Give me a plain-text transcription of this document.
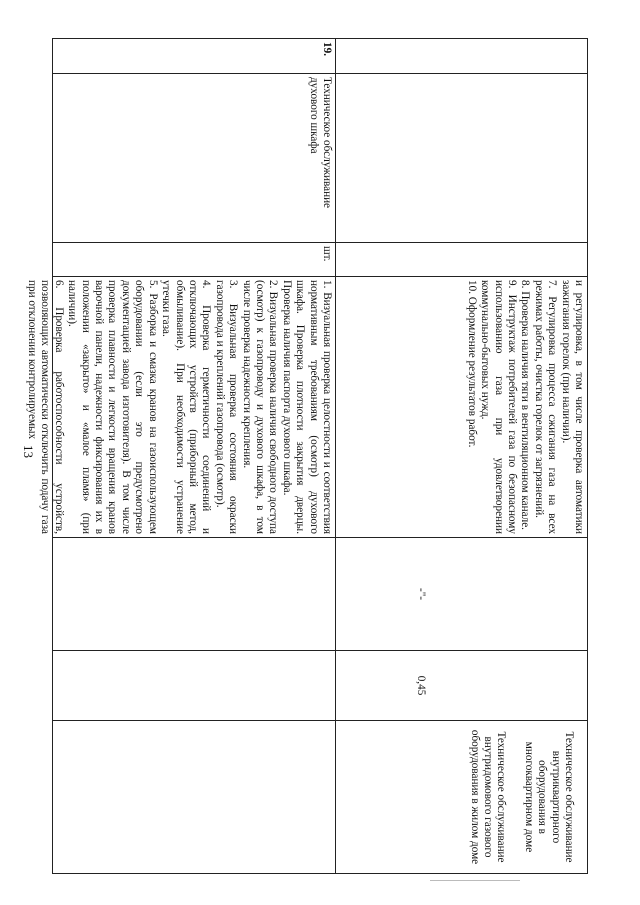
13	и регулировка, в том числе проверка автоматики зажигания горелок (при наличии).

7. Регулировка процесса сжигания газа на всех режимах работы, очистка горелок от загрязнений.

8. Проверка наличия тяги в вентиляционном канале.

9. Инструктаж потребителей газа по безопасному использованию газа при удовлетворении коммунально-бытовых нужд.

10. Оформление результатов работ.

-"-
0,45

Техническое обслуживание внутриквартирного оборудования в многоквартирном доме

Техническое обслуживание внутридомового газового оборудования в жилом доме

19.

Техническое обслуживание духового шкафа

шт.

1. Визуальная проверка целостности и соответствия нормативным требованиям (осмотр) духового шкафа. Проверка плотности закрытия дверцы. Проверка наличия паспорта духового шкафа.

2. Визуальная проверка наличия свободного доступа (осмотр) к газопроводу и духового шкафа, в том числе проверка надежности крепления.

3. Визуальная проверка состояния окраски газопровода и креплений газопровода (осмотр).

4. Проверка герметичности соединений и отключающих устройств (приборный метод, обмыливание). При необходимости устранение утечки газа.

5. Разборка и смазка кранов на газоиспользующем оборудовании (если это предусмотрено документацией завода изготовителя). В том числе проверка плавности и легкости вращения кранов варочной панели, надежности фиксирования их в положении «закрыто» и «малое пламя» (при наличии).

6. Проверка работоспособности устройств, позволяющих автоматически отключить подачу газа при отклонении контролируемых
